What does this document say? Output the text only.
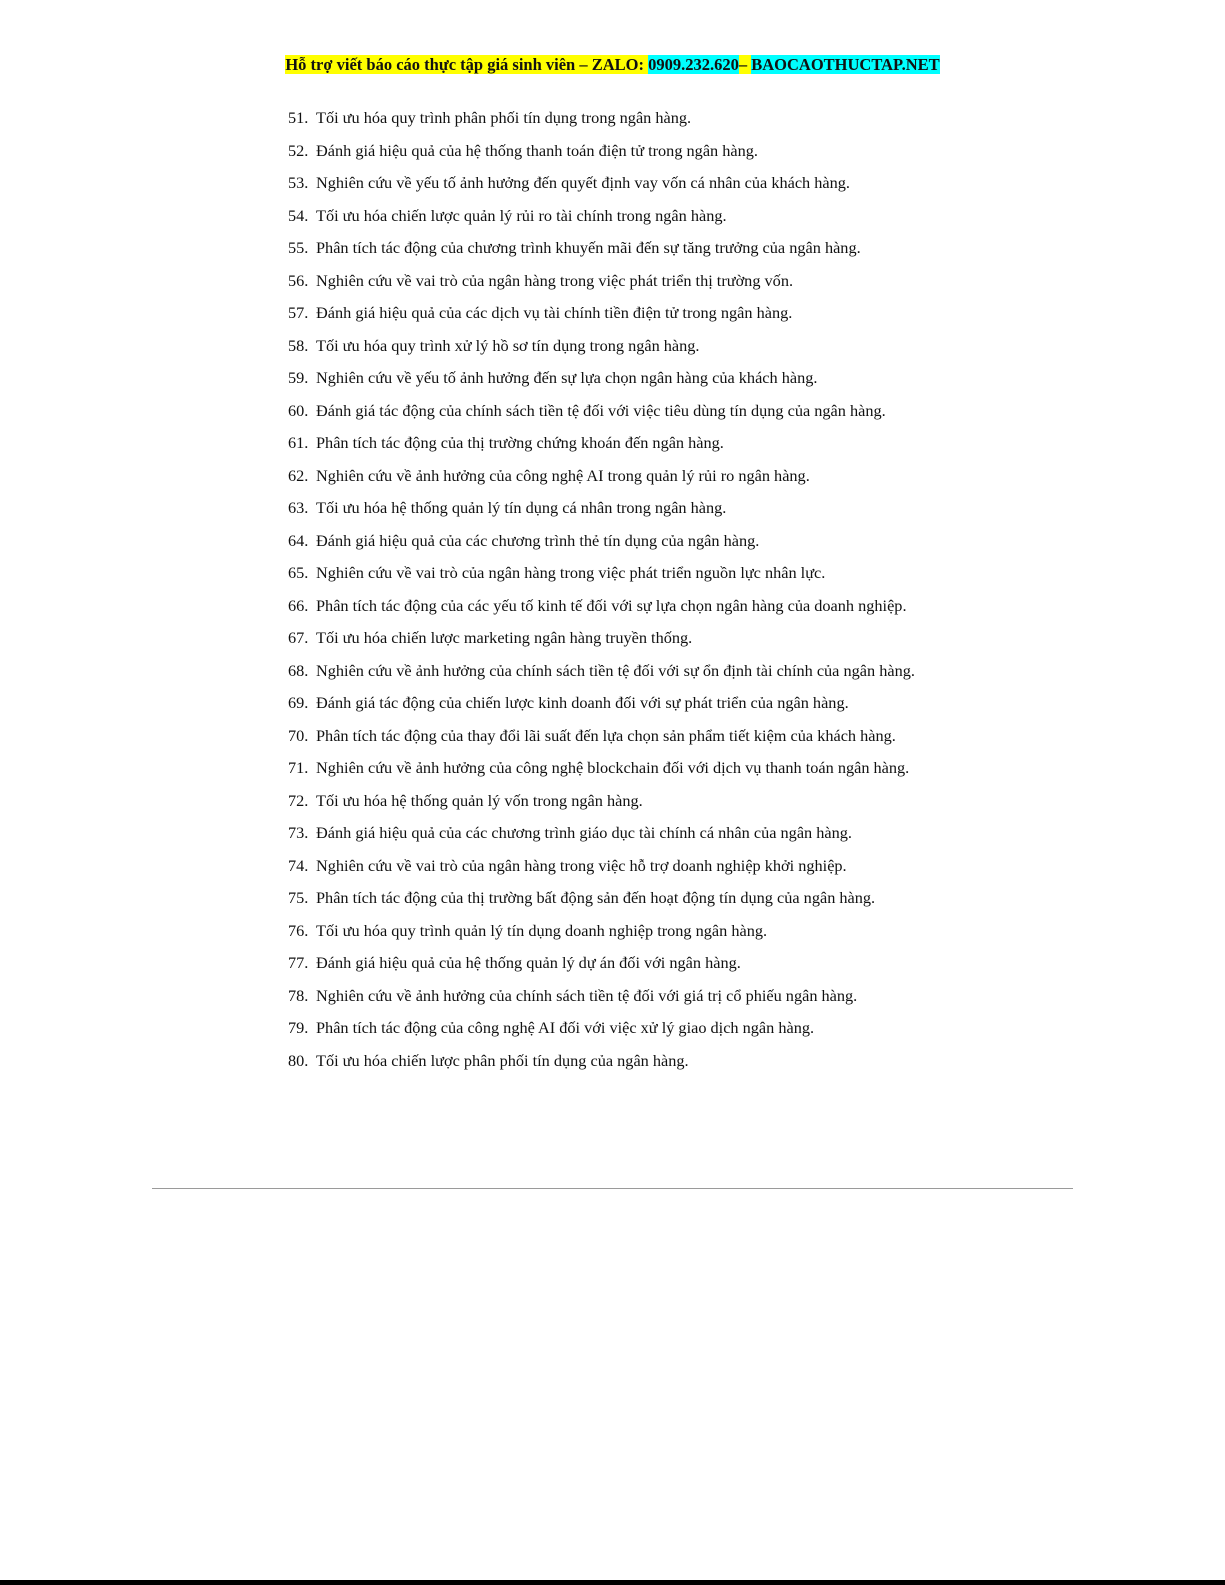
Hỗ trợ viết báo cáo thực tập giá sinh viên – ZALO: 0909.232.620– BAOCAOTHUCTAP.NET
51. Tối ưu hóa quy trình phân phối tín dụng trong ngân hàng.
52. Đánh giá hiệu quả của hệ thống thanh toán điện tử trong ngân hàng.
53. Nghiên cứu về yếu tố ảnh hưởng đến quyết định vay vốn cá nhân của khách hàng.
54. Tối ưu hóa chiến lược quản lý rủi ro tài chính trong ngân hàng.
55. Phân tích tác động của chương trình khuyến mãi đến sự tăng trưởng của ngân hàng.
56. Nghiên cứu về vai trò của ngân hàng trong việc phát triển thị trường vốn.
57. Đánh giá hiệu quả của các dịch vụ tài chính tiền điện tử trong ngân hàng.
58. Tối ưu hóa quy trình xử lý hồ sơ tín dụng trong ngân hàng.
59. Nghiên cứu về yếu tố ảnh hưởng đến sự lựa chọn ngân hàng của khách hàng.
60. Đánh giá tác động của chính sách tiền tệ đối với việc tiêu dùng tín dụng của ngân hàng.
61. Phân tích tác động của thị trường chứng khoán đến ngân hàng.
62. Nghiên cứu về ảnh hưởng của công nghệ AI trong quản lý rủi ro ngân hàng.
63. Tối ưu hóa hệ thống quản lý tín dụng cá nhân trong ngân hàng.
64. Đánh giá hiệu quả của các chương trình thẻ tín dụng của ngân hàng.
65. Nghiên cứu về vai trò của ngân hàng trong việc phát triển nguồn lực nhân lực.
66. Phân tích tác động của các yếu tố kinh tế đối với sự lựa chọn ngân hàng của doanh nghiệp.
67. Tối ưu hóa chiến lược marketing ngân hàng truyền thống.
68. Nghiên cứu về ảnh hưởng của chính sách tiền tệ đối với sự ổn định tài chính của ngân hàng.
69. Đánh giá tác động của chiến lược kinh doanh đối với sự phát triển của ngân hàng.
70. Phân tích tác động của thay đổi lãi suất đến lựa chọn sản phẩm tiết kiệm của khách hàng.
71. Nghiên cứu về ảnh hưởng của công nghệ blockchain đối với dịch vụ thanh toán ngân hàng.
72. Tối ưu hóa hệ thống quản lý vốn trong ngân hàng.
73. Đánh giá hiệu quả của các chương trình giáo dục tài chính cá nhân của ngân hàng.
74. Nghiên cứu về vai trò của ngân hàng trong việc hỗ trợ doanh nghiệp khởi nghiệp.
75. Phân tích tác động của thị trường bất động sản đến hoạt động tín dụng của ngân hàng.
76. Tối ưu hóa quy trình quản lý tín dụng doanh nghiệp trong ngân hàng.
77. Đánh giá hiệu quả của hệ thống quản lý dự án đối với ngân hàng.
78. Nghiên cứu về ảnh hưởng của chính sách tiền tệ đối với giá trị cổ phiếu ngân hàng.
79. Phân tích tác động của công nghệ AI đối với việc xử lý giao dịch ngân hàng.
80. Tối ưu hóa chiến lược phân phối tín dụng của ngân hàng.
